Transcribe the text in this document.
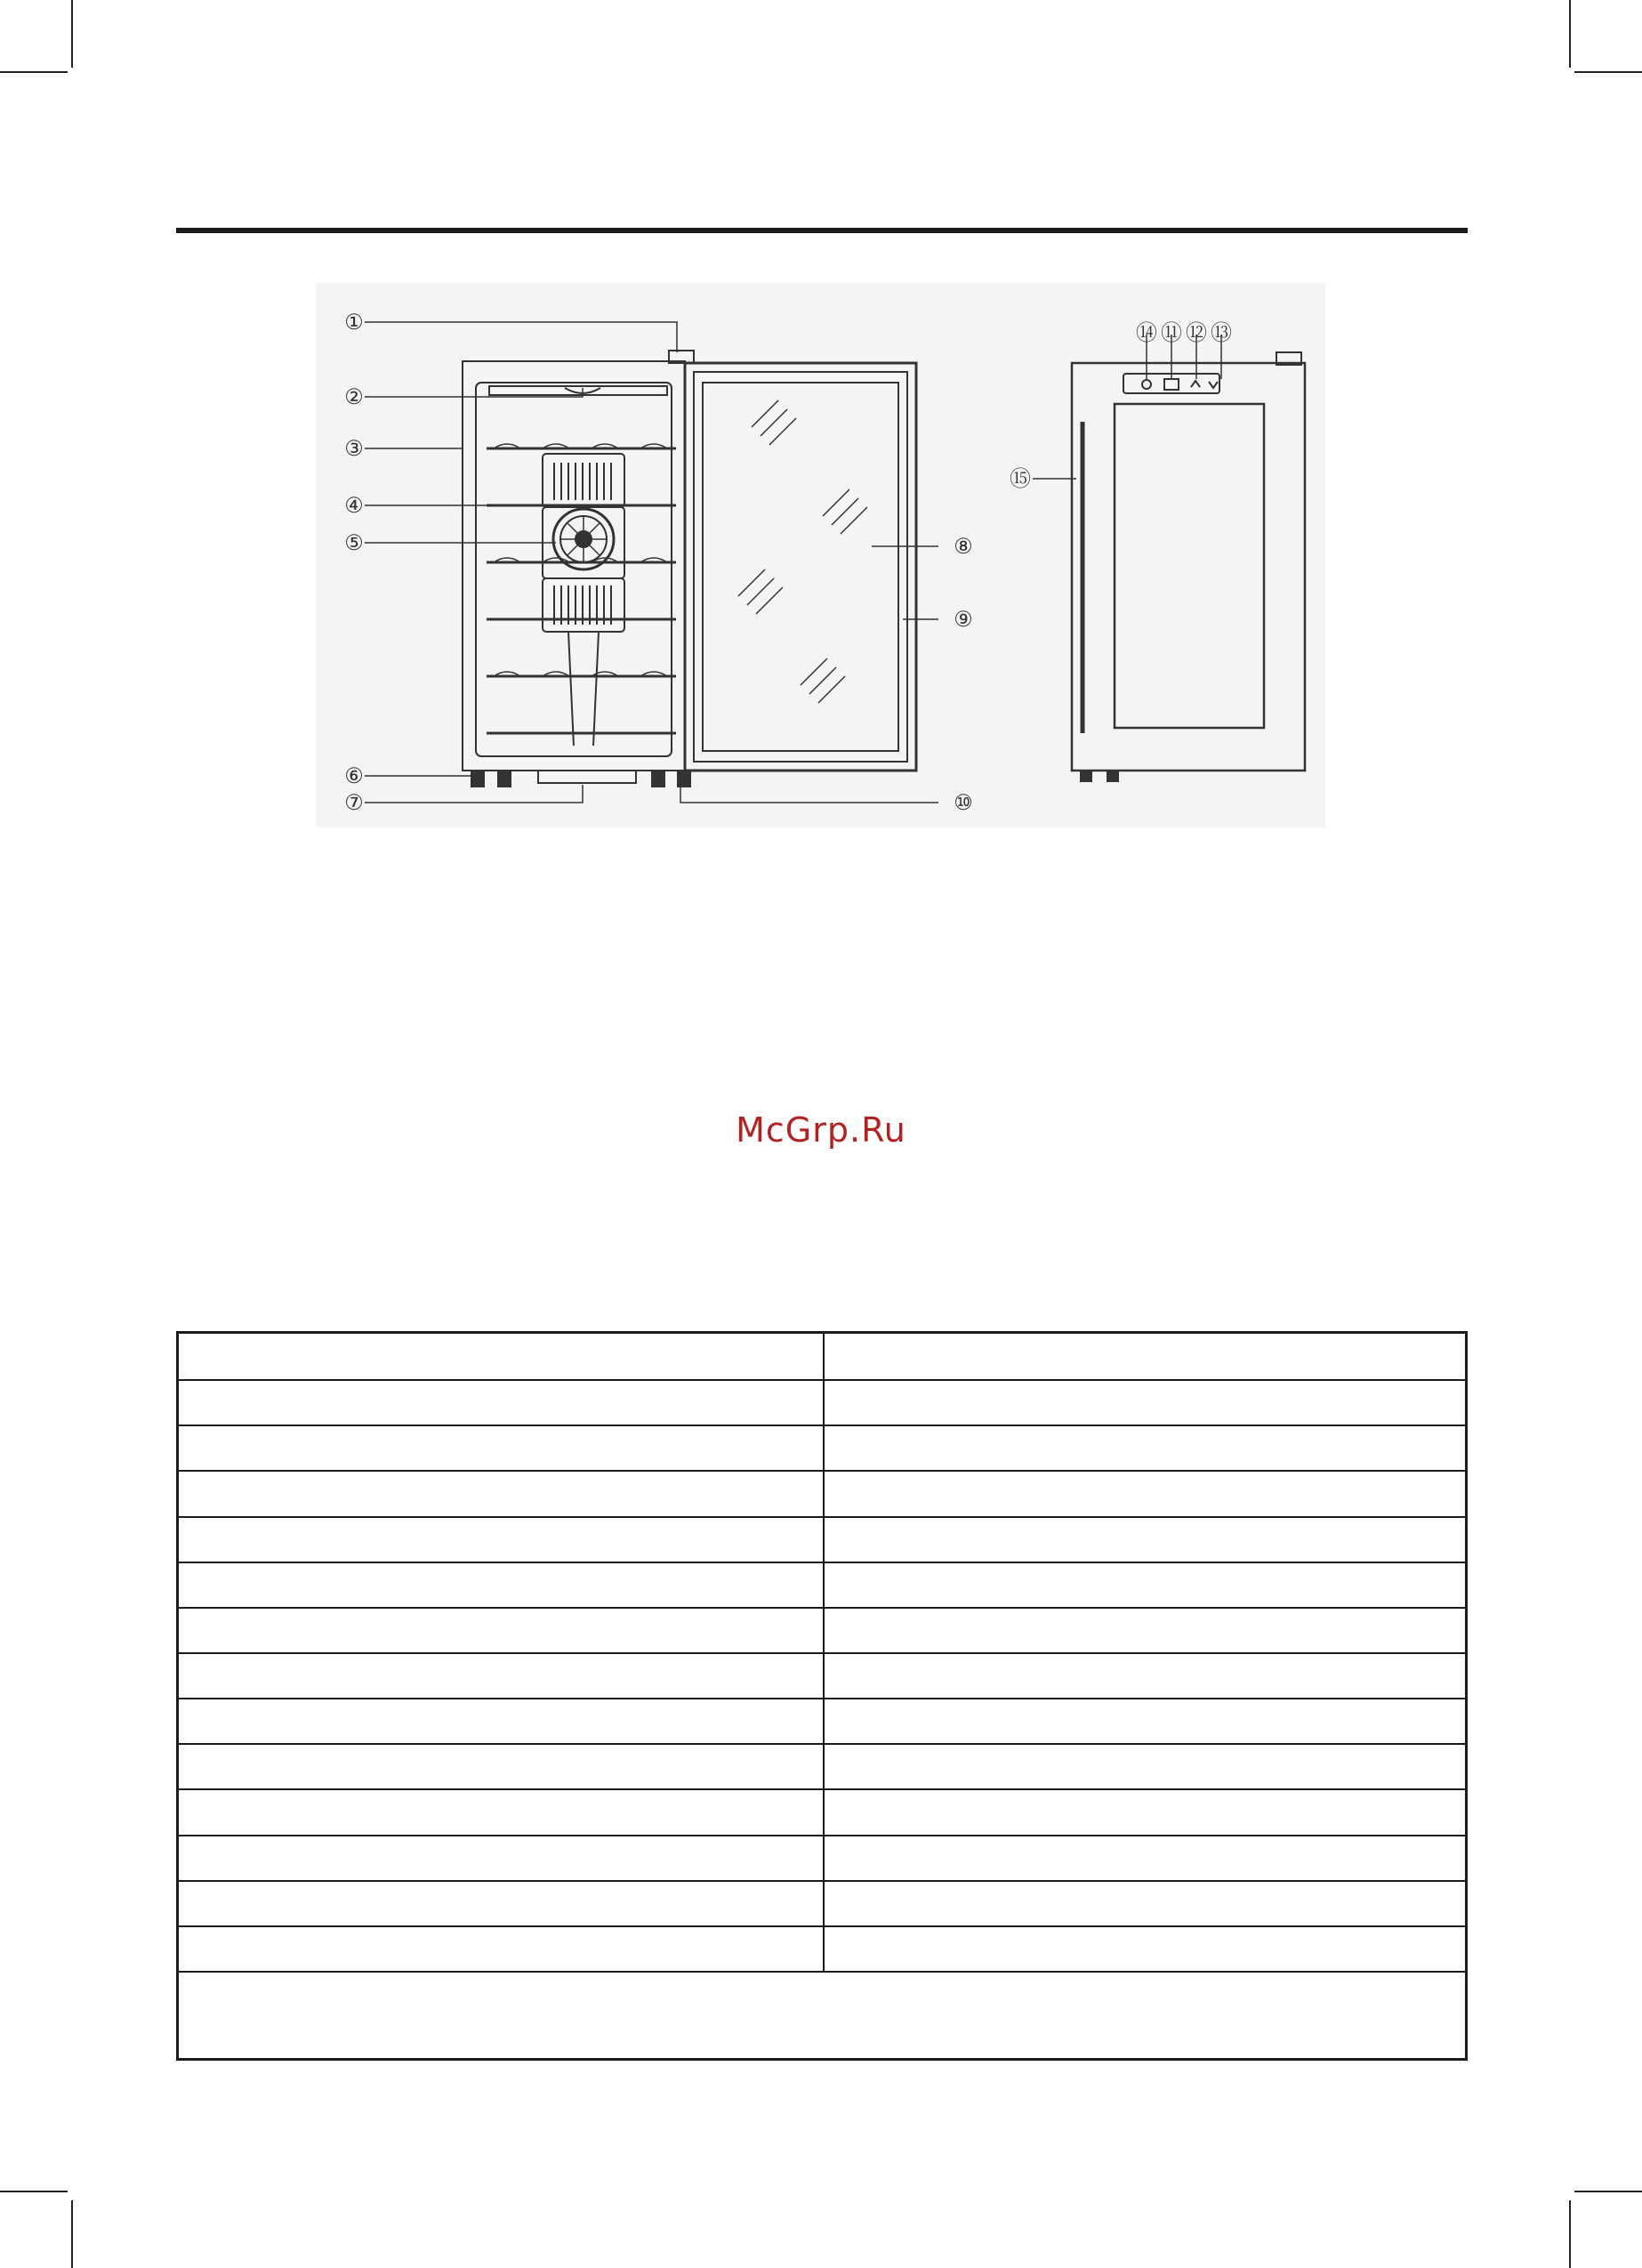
①
②
③
④
⑤
⑥
⑦
⑧
⑨
⑩
⑭ ⑪ ⑫ ⑬
⑮
McGrp.Ru
